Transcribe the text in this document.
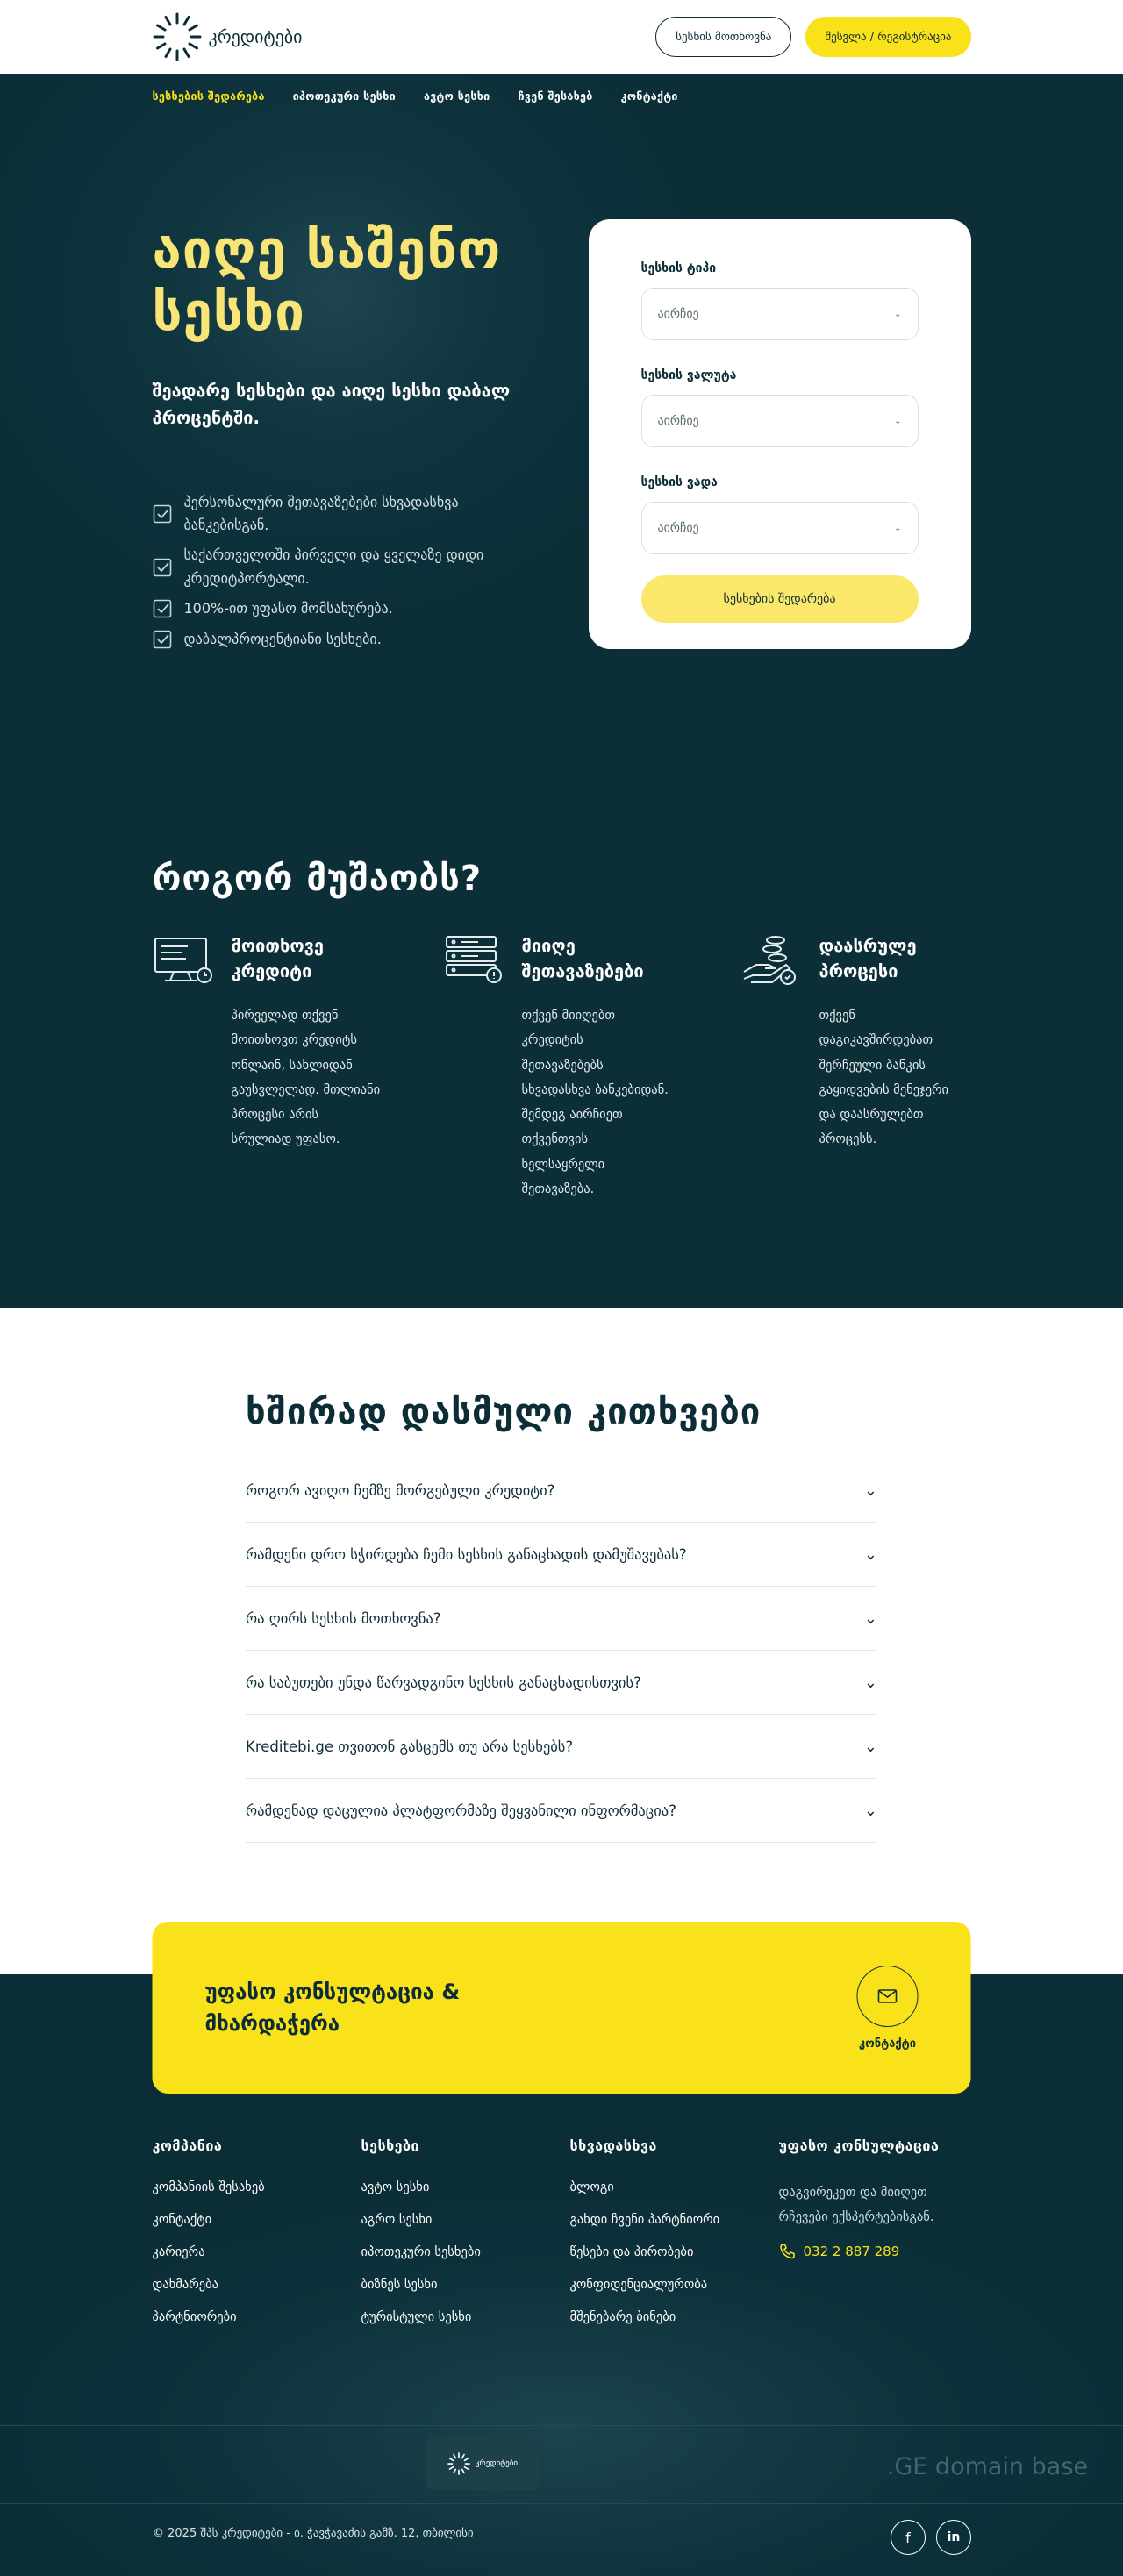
კრედიტები	სესხის მოთხოვნა	შესვლა / რეგისტრაცია
სესხების შედარება	იპოთეკური სესხი	ავტო სესხი	ჩვენ შესახებ	კონტაქტი
აიღე საშენო
სესხი

შეადარე სესხები და აიღე სესხი დაბალ
პროცენტში.

პერსონალური შეთავაზებები სხვადასხვა
ბანკებისგან.
საქართველოში პირველი და ყველაზე დიდი
კრედიტპორტალი.
100%-ით უფასო მომსახურება.
დაბალპროცენტიანი სესხები.
სესხის ტიპი
აირჩიე	⌄
სესხის ვალუტა
აირჩიე	⌄
სესხის ვადა
აირჩიე	⌄
სესხების შედარება
როგორ მუშაობს?
მოითხოვე
კრედიტი

პირველად თქვენ
მოითხოვთ კრედიტს
ონლაინ, სახლიდან
გაუსვლელად. მთლიანი
პროცესი არის
სრულიად უფასო.

მიიღე
შეთავაზებები

თქვენ მიიღებთ
კრედიტის
შეთავაზებებს
სხვადასხვა ბანკებიდან.
შემდეგ აირჩიეთ
თქვენთვის
ხელსაყრელი
შეთავაზება.

დაასრულე
პროცესი

თქვენ
დაგიკავშირდებათ
შერჩეული ბანკის
გაყიდვების მენეჯერი
და დაასრულებთ
პროცესს.

ხშირად დასმული კითხვები
როგორ ავიღო ჩემზე მორგებული კრედიტი?	⌄
რამდენი დრო სჭირდება ჩემი სესხის განაცხადის დამუშავებას?	⌄
რა ღირს სესხის მოთხოვნა?	⌄
რა საბუთები უნდა წარვადგინო სესხის განაცხადისთვის?	⌄
Kreditebi.ge თვითონ გასცემს თუ არა სესხებს?	⌄
რამდენად დაცულია პლატფორმაზე შეყვანილი ინფორმაცია?	⌄
უფასო კონსულტაცია &
მხარდაჭერა
კონტაქტი
კომპანია
კომპანიის შესახებ
კონტაქტი
კარიერა
დახმარება
პარტნიორები
სესხები
ავტო სესხი
აგრო სესხი
იპოთეკური სესხები
ბიზნეს სესხი
ტურისტული სესხი
სხვადასხვა
ბლოგი
გახდი ჩვენი პარტნიორი
წესები და პირობები
კონფიდენციალურობა
მშენებარე ბინები
უფასო კონსულტაცია

დაგვირეკეთ და მიიღეთ
რჩევები ექსპერტებისგან.

032 2 887 289
კრედიტები	.GE domain base
© 2025 შპს კრედიტები - ი. ჭავჭავაძის გამზ. 12, თბილისი	f	in
